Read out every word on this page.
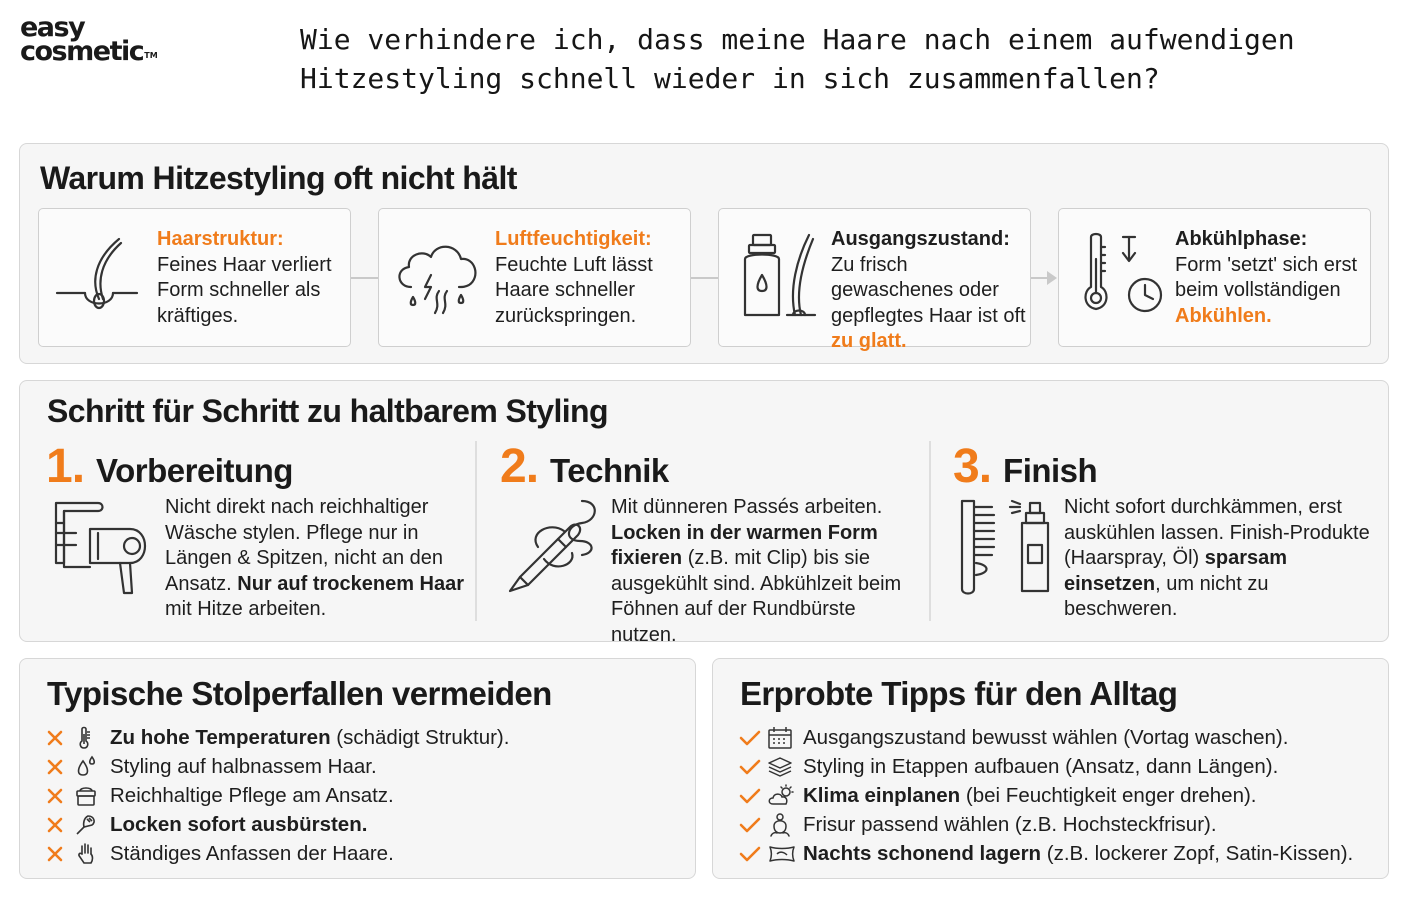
easy
cosmetic™	Wie verhindere ich, dass meine Haare nach einem aufwendigen Hitzestyling schnell wieder in sich zusammenfallen?
Warum Hitzestyling oft nicht hält
Haarstruktur:
Feines Haar verliert Form schneller als kräftiges.
Luftfeuchtigkeit:
Feuchte Luft lässt Haare schneller zurückspringen.
Ausgangszustand:
Zu frisch gewaschenes oder gepflegtes Haar ist oft zu glatt.
Abkühlphase:
Form 'setzt' sich erst beim vollständigen Abkühlen.
Schritt für Schritt zu haltbarem Styling
1. Vorbereitung
Nicht direkt nach reichhaltiger Wäsche stylen. Pflege nur in Längen & Spitzen, nicht an den Ansatz. Nur auf trockenem Haar mit Hitze arbeiten.
2. Technik
Mit dünneren Passés arbeiten. Locken in der warmen Form fixieren (z.B. mit Clip) bis sie ausgekühlt sind. Abkühlzeit beim Föhnen auf der Rundbürste nutzen.
3. Finish
Nicht sofort durchkämmen, erst auskühlen lassen. Finish-Produkte (Haarspray, Öl) sparsam einsetzen, um nicht zu beschweren.
Typische Stolperfallen vermeiden
Zu hohe Temperaturen (schädigt Struktur).
Styling auf halbnassem Haar.
Reichhaltige Pflege am Ansatz.
Locken sofort ausbürsten.
Ständiges Anfassen der Haare.
Erprobte Tipps für den Alltag
Ausgangszustand bewusst wählen (Vortag waschen).
Styling in Etappen aufbauen (Ansatz, dann Längen).
Klima einplanen (bei Feuchtigkeit enger drehen).
Frisur passend wählen (z.B. Hochsteckfrisur).
Nachts schonend lagern (z.B. lockerer Zopf, Satin-Kissen).
